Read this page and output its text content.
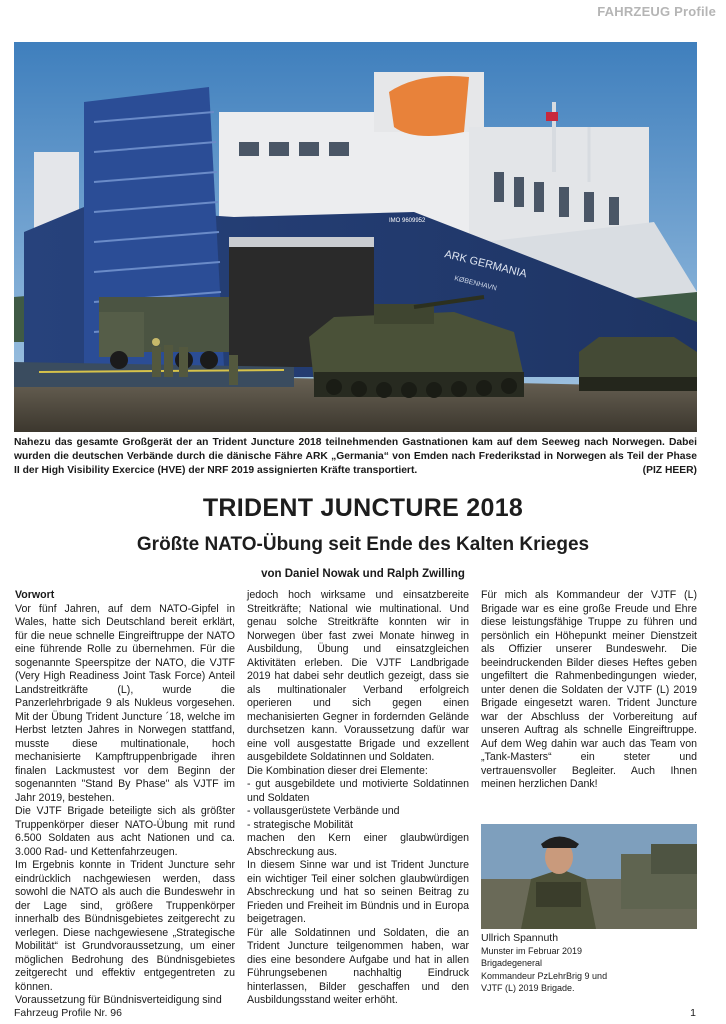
FAHRZEUG Profile
IMO 9609952
ARK GERMANIA
KØBENHAVN
Nahezu das gesamte Großgerät der an Trident Juncture 2018 teilnehmenden Gastnationen kam auf dem Seeweg nach Norwegen. Dabei wurden die deutschen Verbände durch die dänische Fähre ARK „Germania“ von Emden nach Frederikstad in Norwegen als Teil der Phase II der High Visibility Exercice (HVE) der NRF 2019 assignierten Kräfte transportiert.	(PIZ HEER)
TRIDENT JUNCTURE 2018
Größte NATO-Übung seit Ende des Kalten Krieges
von Daniel Nowak und Ralph Zwilling

Vorwort

Vor fünf Jahren, auf dem NATO-Gipfel in Wales, hatte sich Deutschland bereit erklärt, für die neue schnelle Eingreiftruppe der NATO eine führende Rolle zu übernehmen. Für die sogenannte Speerspitze der NATO, die VJTF (Very High Readiness Joint Task Force) Anteil Landstreitkräfte (L), wurde die Panzerlehrbrigade 9 als Nukleus vorgesehen. Mit der Übung Trident Juncture ´18, welche im Herbst letzten Jahres in Norwegen stattfand, musste diese multinationale, hoch mechanisierte Kampftruppenbrigade ihren finalen Lackmustest vor dem Beginn der sogenannten "Stand By Phase" als VJTF im Jahr 2019, bestehen.

Die VJTF Brigade beteiligte sich als größter Truppenkörper dieser NATO-Übung mit rund 6.500 Soldaten aus acht Nationen und ca. 3.000 Rad- und Kettenfahrzeugen.

Im Ergebnis konnte in Trident Juncture sehr eindrücklich nachgewiesen werden, dass sowohl die NATO als auch die Bundeswehr in der Lage sind, größere Truppenkörper innerhalb des Bündnisgebietes zeitgerecht zu verlegen. Diese nachgewiesene „Strategische Mobilität“ ist Grundvoraussetzung, um einer möglichen Bedrohung des Bündnisgebietes zeitgerecht und effektiv entgegentreten zu können.

Voraussetzung für Bündnisverteidigung sind

jedoch hoch wirksame und einsatzbereite Streitkräfte; National wie multinational. Und genau solche Streitkräfte konnten wir in Norwegen über fast zwei Monate hinweg in Ausbildung, Übung und einsatzgleichen Aktivitäten erleben. Die VJTF Landbrigade 2019 hat dabei sehr deutlich gezeigt, dass sie als multinationaler Verband erfolgreich operieren und sich gegen einen mechanisierten Gegner in fordernden Gelände durchsetzen kann. Voraussetzung dafür war eine voll ausgestatte Brigade und exzellent ausgebildete Soldatinnen und Soldaten.

Die Kombination dieser drei Elemente:

- gut ausgebildete und motivierte Soldatinnen und Soldaten

- vollausgerüstete Verbände und

- strategische Mobilität

machen den Kern einer glaubwürdigen Abschreckung aus.

In diesem Sinne war und ist Trident Juncture ein wichtiger Teil einer solchen glaubwürdigen Abschreckung und hat so seinen Beitrag zu Frieden und Freiheit im Bündnis und in Europa beigetragen.

Für alle Soldatinnen und Soldaten, die an Trident Juncture teilgenommen haben, war dies eine besondere Aufgabe und hat in allen Führungsebenen nachhaltig Eindruck hinterlassen, Bilder geschaffen und den Ausbildungsstand weiter erhöht.

Für mich als Kommandeur der VJTF (L) Brigade war es eine große Freude und Ehre diese leistungsfähige Truppe zu führen und persönlich ein Höhepunkt meiner Dienstzeit als Offizier unserer Bundeswehr. Die beeindruckenden Bilder dieses Heftes geben ungefiltert die Rahmenbedingungen wieder, unter denen die Soldaten der VJTF (L) 2019 Brigade eingesetzt waren. Trident Juncture war der Abschluss der Vorbereitung auf unseren Auftrag als schnelle Eingreiftruppe. Auf dem Weg dahin war auch das Team von „Tank-Masters“ ein steter und vertrauensvoller Begleiter. Auch Ihnen meinen herzlichen Dank!

Ullrich Spannuth
Munster im Februar 2019
Brigadegeneral
Kommandeur PzLehrBrig 9 und
VJTF (L) 2019 Brigade.
Fahrzeug Profile Nr. 96	1
